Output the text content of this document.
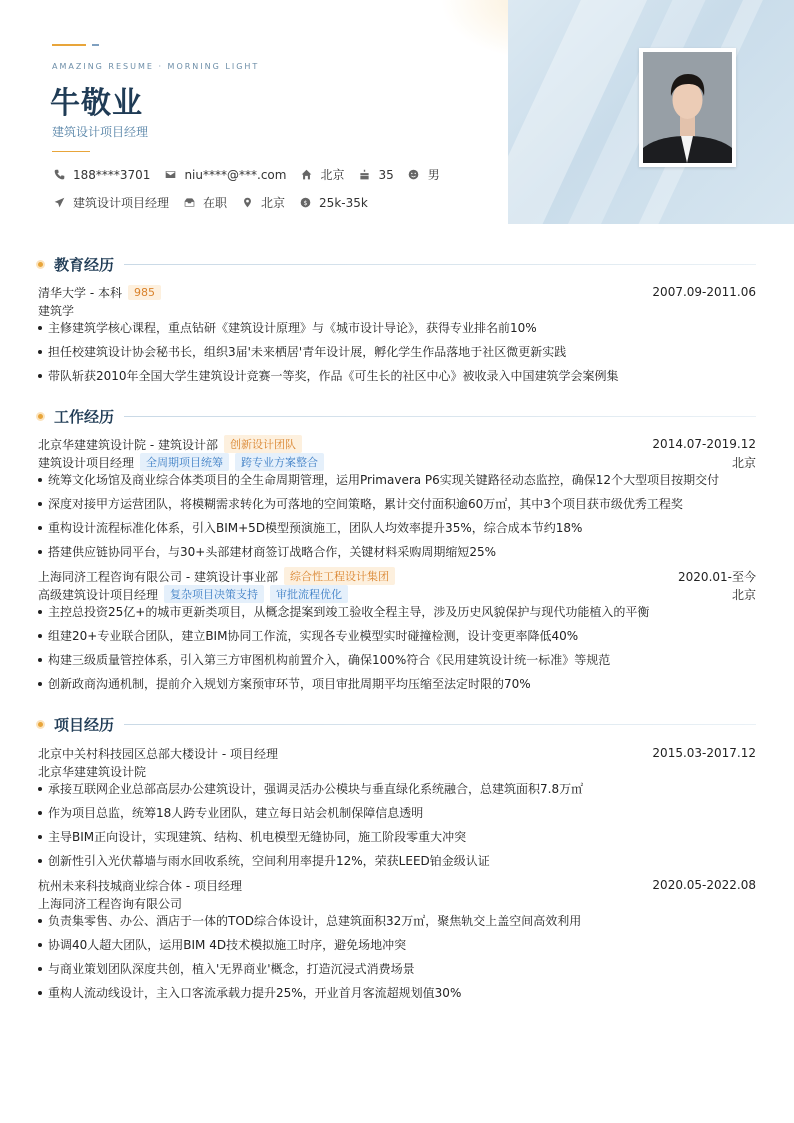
AMAZING RESUME · MORNING LIGHT
牛敬业
建筑设计项目经理
188****3701	niu****@***.com	北京	35	男
建筑设计项目经理	在职	北京 $ 25k-35k
教育经历
清华大学 - 本科	985	2007.09-2011.06
建筑学
主修建筑学核心课程，重点钻研《建筑设计原理》与《城市设计导论》，获得专业排名前10%
担任校建筑设计协会秘书长，组织3届'未来栖居'青年设计展，孵化学生作品落地于社区微更新实践
带队斩获2010年全国大学生建筑设计竞赛一等奖，作品《可生长的社区中心》被收录入中国建筑学会案例集
工作经历
北京华建建筑设计院 - 建筑设计部	创新设计团队	2014.07-2019.12
建筑设计项目经理	全周期项目统筹	跨专业方案整合	北京
统筹文化场馆及商业综合体类项目的全生命周期管理，运用Primavera P6实现关键路径动态监控，确保12个大型项目按期交付
深度对接甲方运营团队，将模糊需求转化为可落地的空间策略，累计交付面积逾60万㎡，其中3个项目获市级优秀工程奖
重构设计流程标准化体系，引入BIM+5D模型预演施工，团队人均效率提升35%，综合成本节约18%
搭建供应链协同平台，与30+头部建材商签订战略合作，关键材料采购周期缩短25%
上海同济工程咨询有限公司 - 建筑设计事业部	综合性工程设计集团	2020.01-至今
高级建筑设计项目经理	复杂项目决策支持	审批流程优化	北京
主控总投资25亿+的城市更新类项目，从概念提案到竣工验收全程主导，涉及历史风貌保护与现代功能植入的平衡
组建20+专业联合团队，建立BIM协同工作流，实现各专业模型实时碰撞检测，设计变更率降低40%
构建三级质量管控体系，引入第三方审图机构前置介入，确保100%符合《民用建筑设计统一标准》等规范
创新政商沟通机制，提前介入规划方案预审环节，项目审批周期平均压缩至法定时限的70%
项目经历
北京中关村科技园区总部大楼设计 - 项目经理	2015.03-2017.12
北京华建建筑设计院
承接互联网企业总部高层办公建筑设计，强调灵活办公模块与垂直绿化系统融合，总建筑面积7.8万㎡
作为项目总监，统筹18人跨专业团队，建立每日站会机制保障信息透明
主导BIM正向设计，实现建筑、结构、机电模型无缝协同，施工阶段零重大冲突
创新性引入光伏幕墙与雨水回收系统，空间利用率提升12%，荣获LEED铂金级认证
杭州未来科技城商业综合体 - 项目经理	2020.05-2022.08
上海同济工程咨询有限公司
负责集零售、办公、酒店于一体的TOD综合体设计，总建筑面积32万㎡，聚焦轨交上盖空间高效利用
协调40人超大团队，运用BIM 4D技术模拟施工时序，避免场地冲突
与商业策划团队深度共创，植入'无界商业'概念，打造沉浸式消费场景
重构人流动线设计，主入口客流承载力提升25%，开业首月客流超规划值30%
